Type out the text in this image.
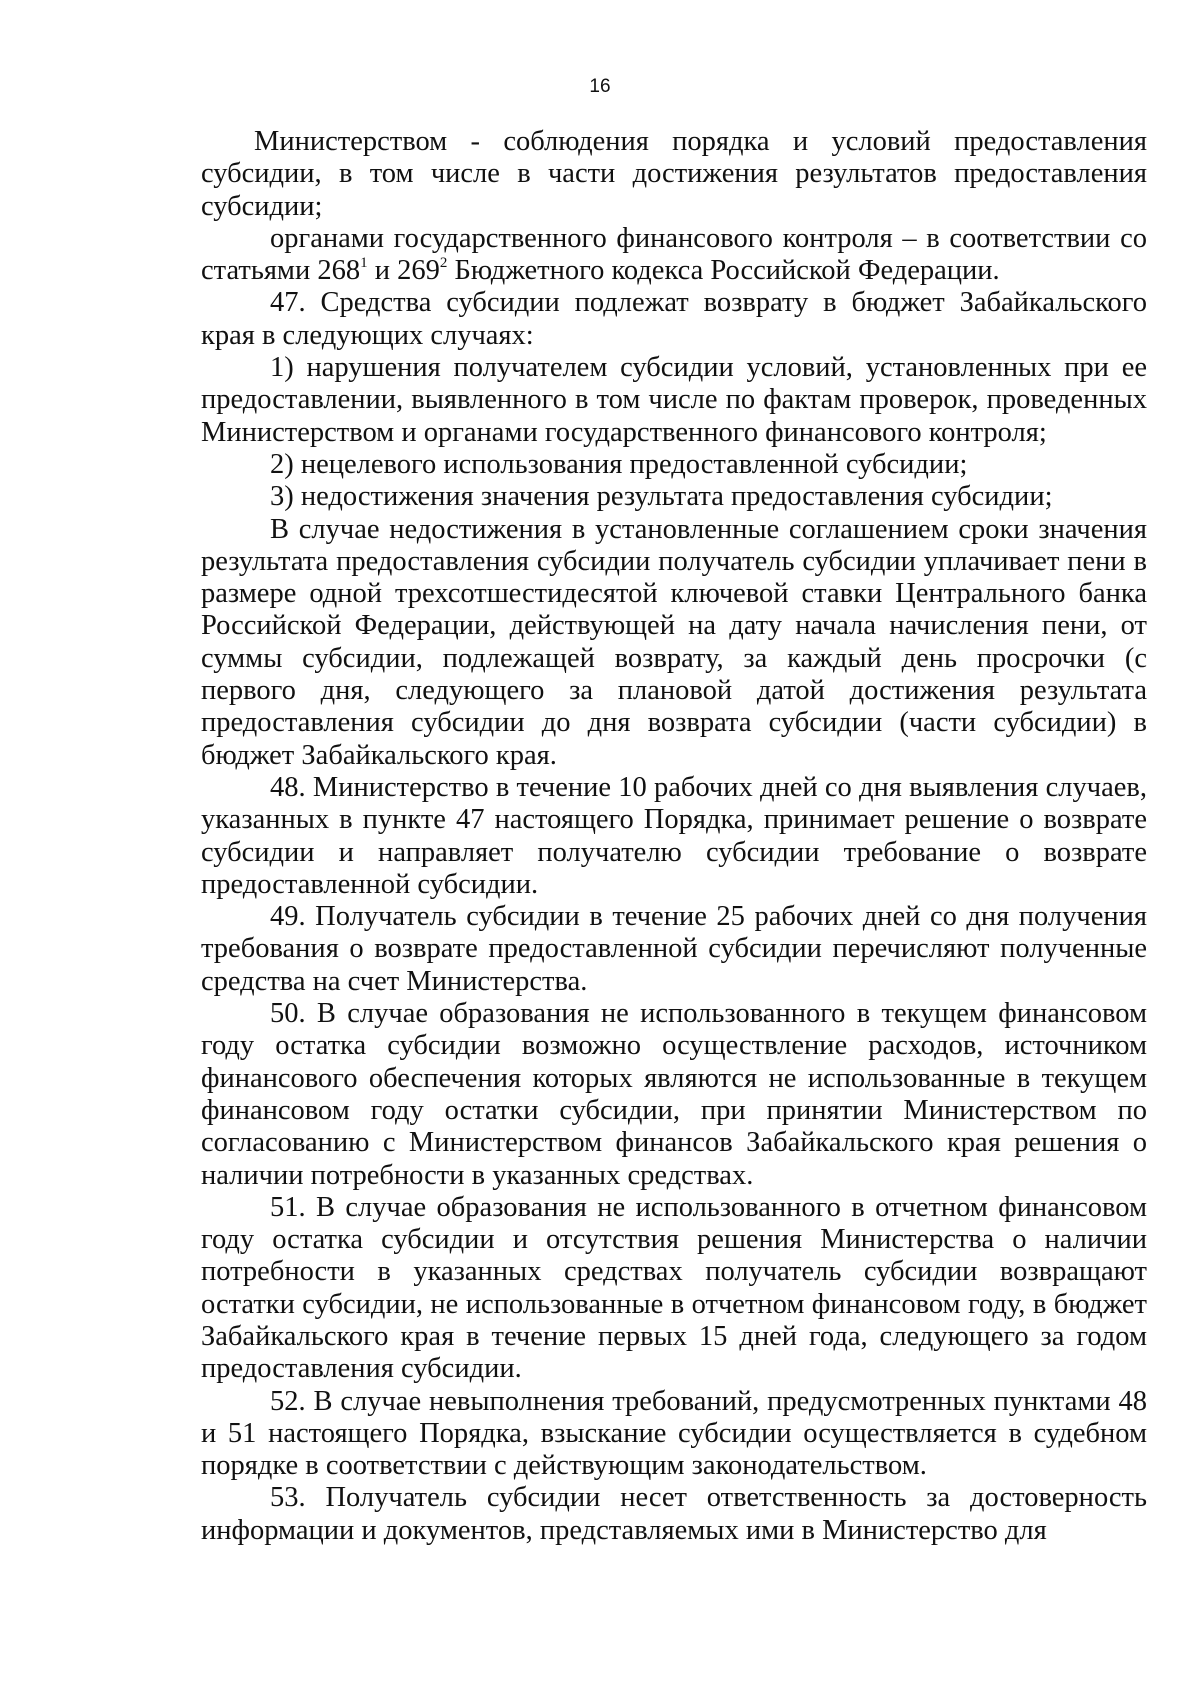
16

Министерством - соблюдения порядка и условий предоставления субсидии, в том числе в части достижения результатов предоставления субсидии;

органами государственного финансового контроля – в соответствии со статьями $268^1$ и $269^2$ Бюджетного кодекса Российской Федерации.

47. Средства субсидии подлежат возврату в бюджет Забайкальского края в следующих случаях:

1) нарушения получателем субсидии условий, установленных при ее предоставлении, выявленного в том числе по фактам проверок, проведенных Министерством и органами государственного финансового контроля;

2) нецелевого использования предоставленной субсидии;

3) недостижения значения результата предоставления субсидии;

В случае недостижения в установленные соглашением сроки значения результата предоставления субсидии получатель субсидии уплачивает пени в размере одной трехсотшестидесятой ключевой ставки Центрального банка Российской Федерации, действующей на дату начала начисления пени, от суммы субсидии, подлежащей возврату, за каждый день просрочки (с первого дня, следующего за плановой датой достижения результата предоставления субсидии до дня возврата субсидии (части субсидии) в бюджет Забайкальского края.

48. Министерство в течение 10 рабочих дней со дня выявления случаев, указанных в пункте 47 настоящего Порядка, принимает решение о возврате субсидии и направляет получателю субсидии требование о возврате предоставленной субсидии.

49. Получатель субсидии в течение 25 рабочих дней со дня получения требования о возврате предоставленной субсидии перечисляют полученные средства на счет Министерства.

50. В случае образования не использованного в текущем финансовом году остатка субсидии возможно осуществление расходов, источником финансового обеспечения которых являются не использованные в текущем финансовом году остатки субсидии, при принятии Министерством по согласованию с Министерством финансов Забайкальского края решения о наличии потребности в указанных средствах.

51. В случае образования не использованного в отчетном финансовом году остатка субсидии и отсутствия решения Министерства о наличии потребности в указанных средствах получатель субсидии возвращают остатки субсидии, не использованные в отчетном финансовом году, в бюджет Забайкальского края в течение первых 15 дней года, следующего за годом предоставления субсидии.

52. В случае невыполнения требований, предусмотренных пунктами 48 и 51 настоящего Порядка, взыскание субсидии осуществляется в судебном порядке в соответствии с действующим законодательством.

53. Получатель субсидии несет ответственность за достоверность информации и документов, представляемых ими в Министерство для
